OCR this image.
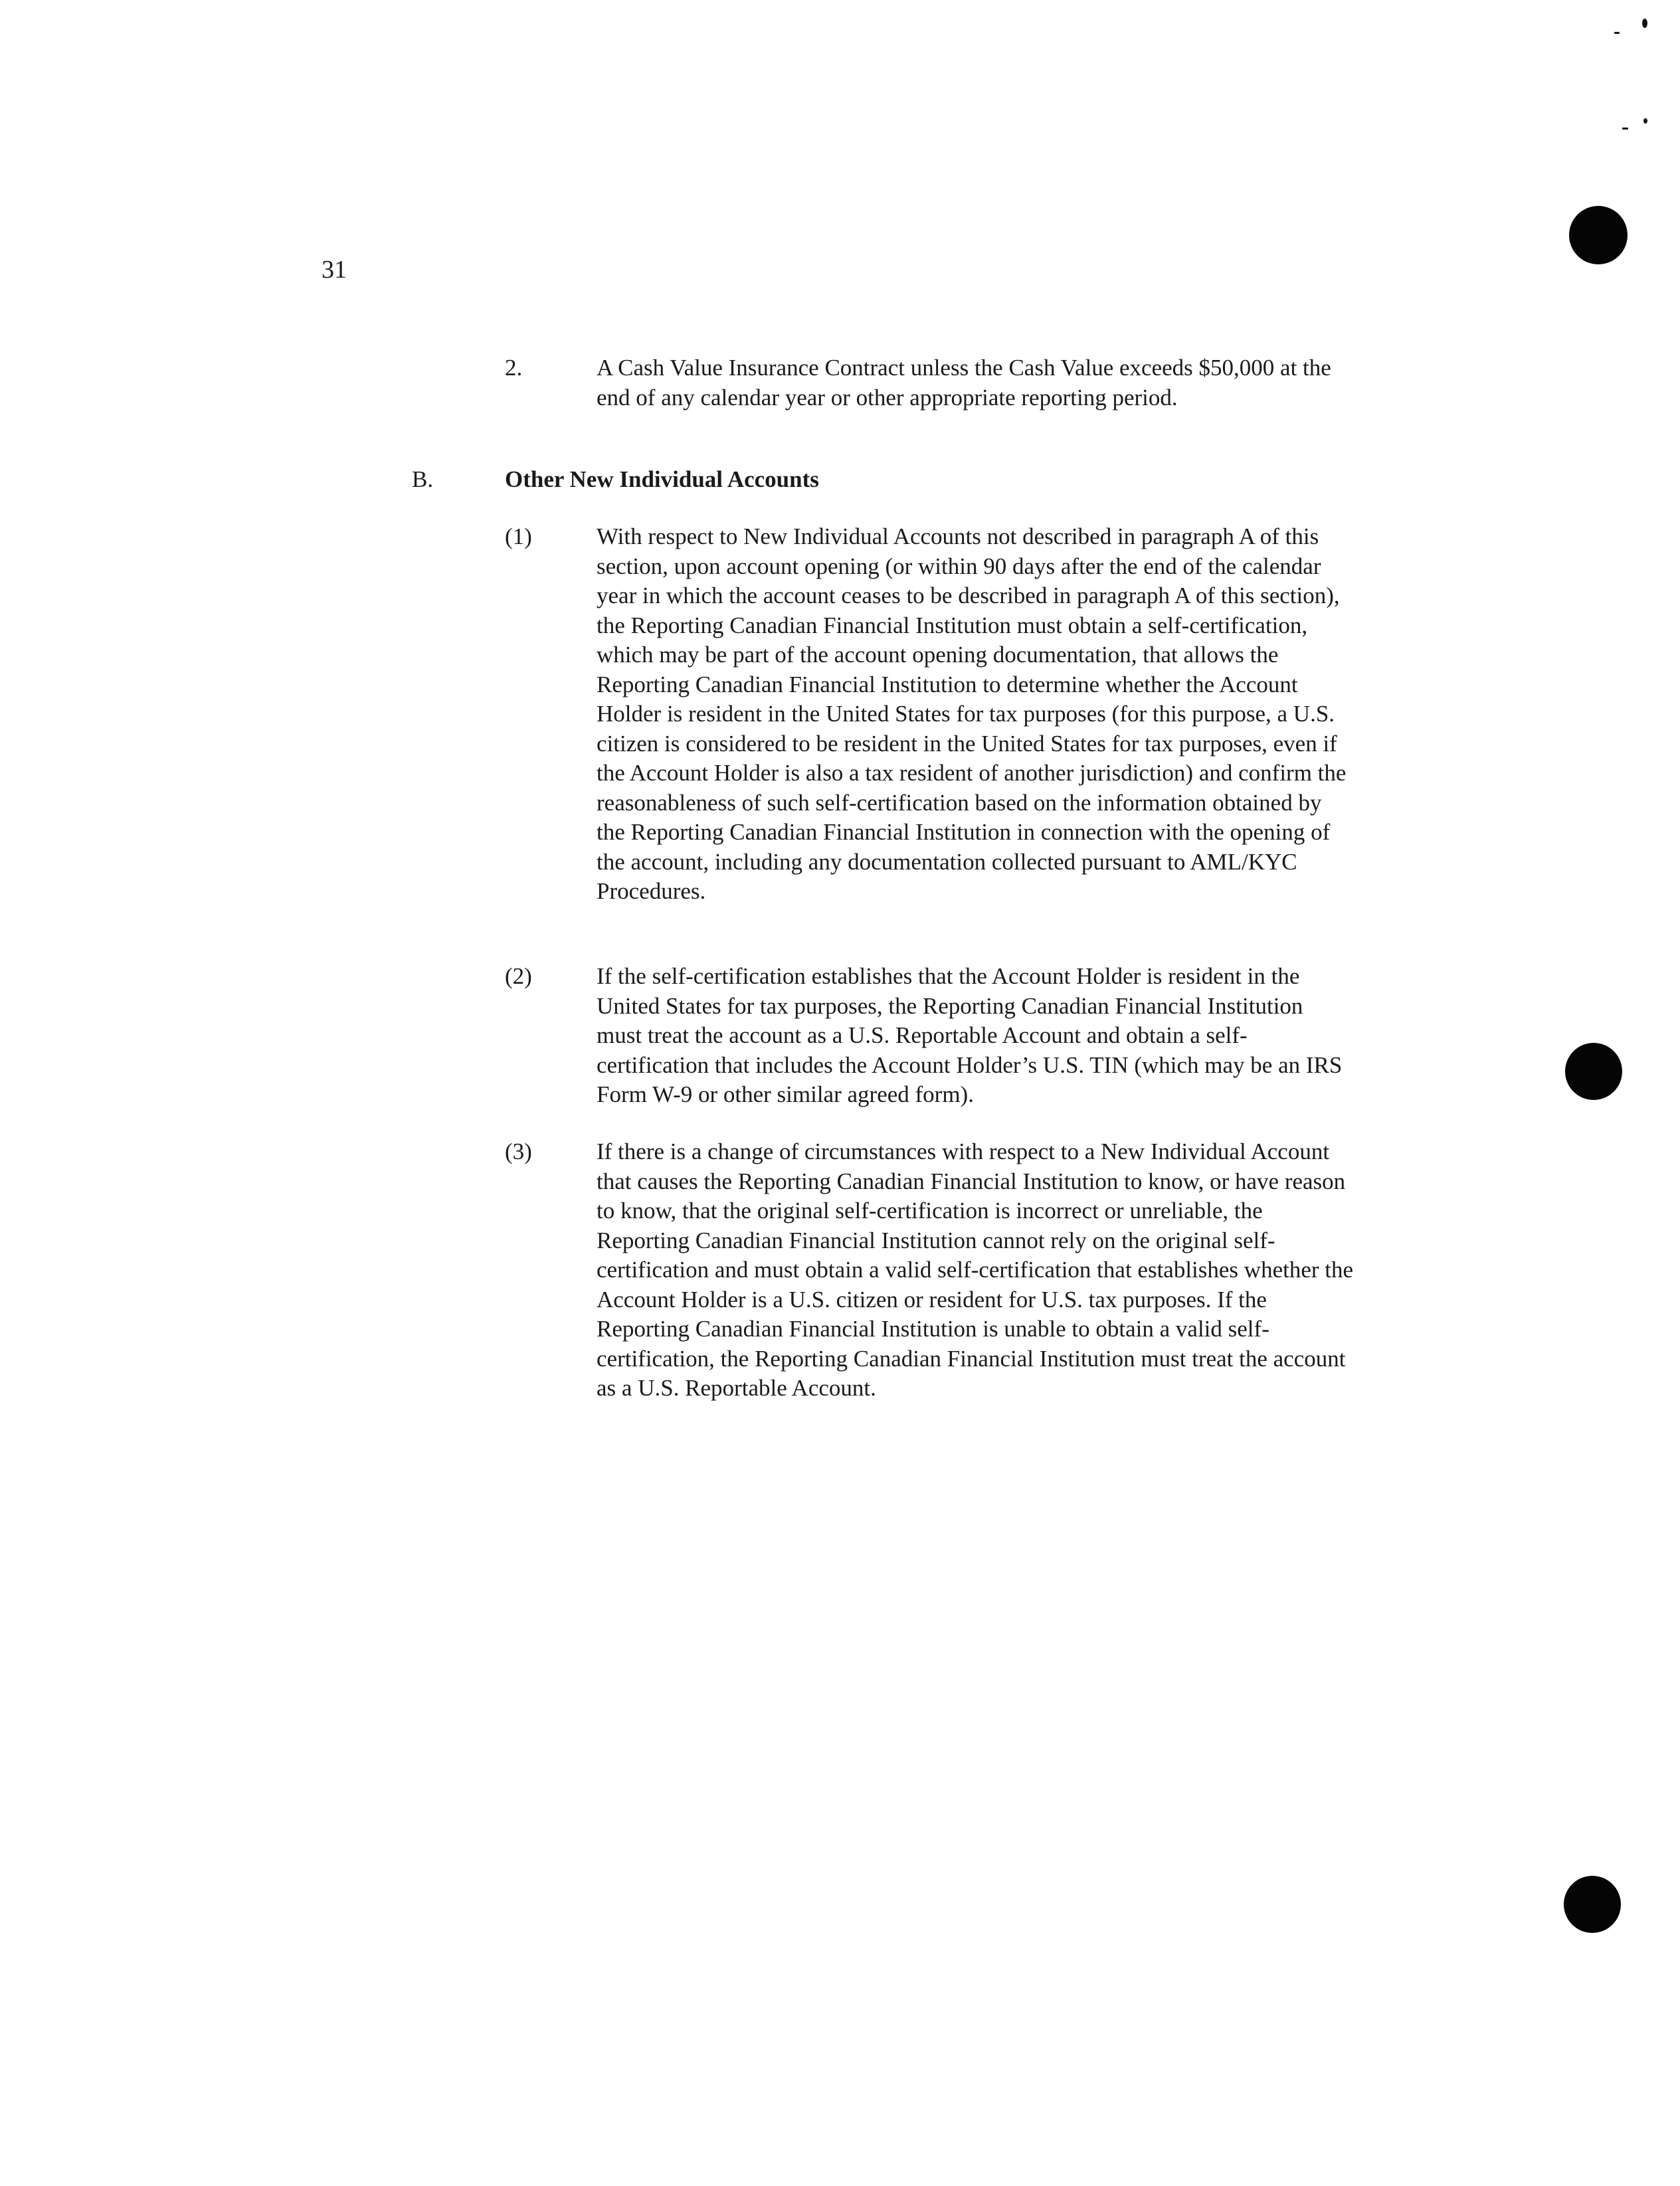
31
2.	A Cash Value Insurance Contract unless the Cash Value exceeds $50,000 at the end of any calendar year or other appropriate reporting period.
B.	Other New Individual Accounts
(1)	With respect to New Individual Accounts not described in paragraph A of this section, upon account opening (or within 90 days after the end of the calendar year in which the account ceases to be described in paragraph A of this section), the Reporting Canadian Financial Institution must obtain a self-certification, which may be part of the account opening documentation, that allows the Reporting Canadian Financial Institution to determine whether the Account Holder is resident in the United States for tax purposes (for this purpose, a U.S. citizen is considered to be resident in the United States for tax purposes, even if the Account Holder is also a tax resident of another jurisdiction) and confirm the reasonableness of such self-certification based on the information obtained by the Reporting Canadian Financial Institution in connection with the opening of the account, including any documentation collected pursuant to AML/KYC Procedures.
(2)	If the self-certification establishes that the Account Holder is resident in the United States for tax purposes, the Reporting Canadian Financial Institution must treat the account as a U.S. Reportable Account and obtain a self-certification that includes the Account Holder’s U.S. TIN (which may be an IRS Form W-9 or other similar agreed form).
(3)	If there is a change of circumstances with respect to a New Individual Account that causes the Reporting Canadian Financial Institution to know, or have reason to know, that the original self-certification is incorrect or unreliable, the Reporting Canadian Financial Institution cannot rely on the original self-certification and must obtain a valid self-certification that establishes whether the Account Holder is a U.S. citizen or resident for U.S. tax purposes. If the Reporting Canadian Financial Institution is unable to obtain a valid self-certification, the Reporting Canadian Financial Institution must treat the account as a U.S. Reportable Account.
